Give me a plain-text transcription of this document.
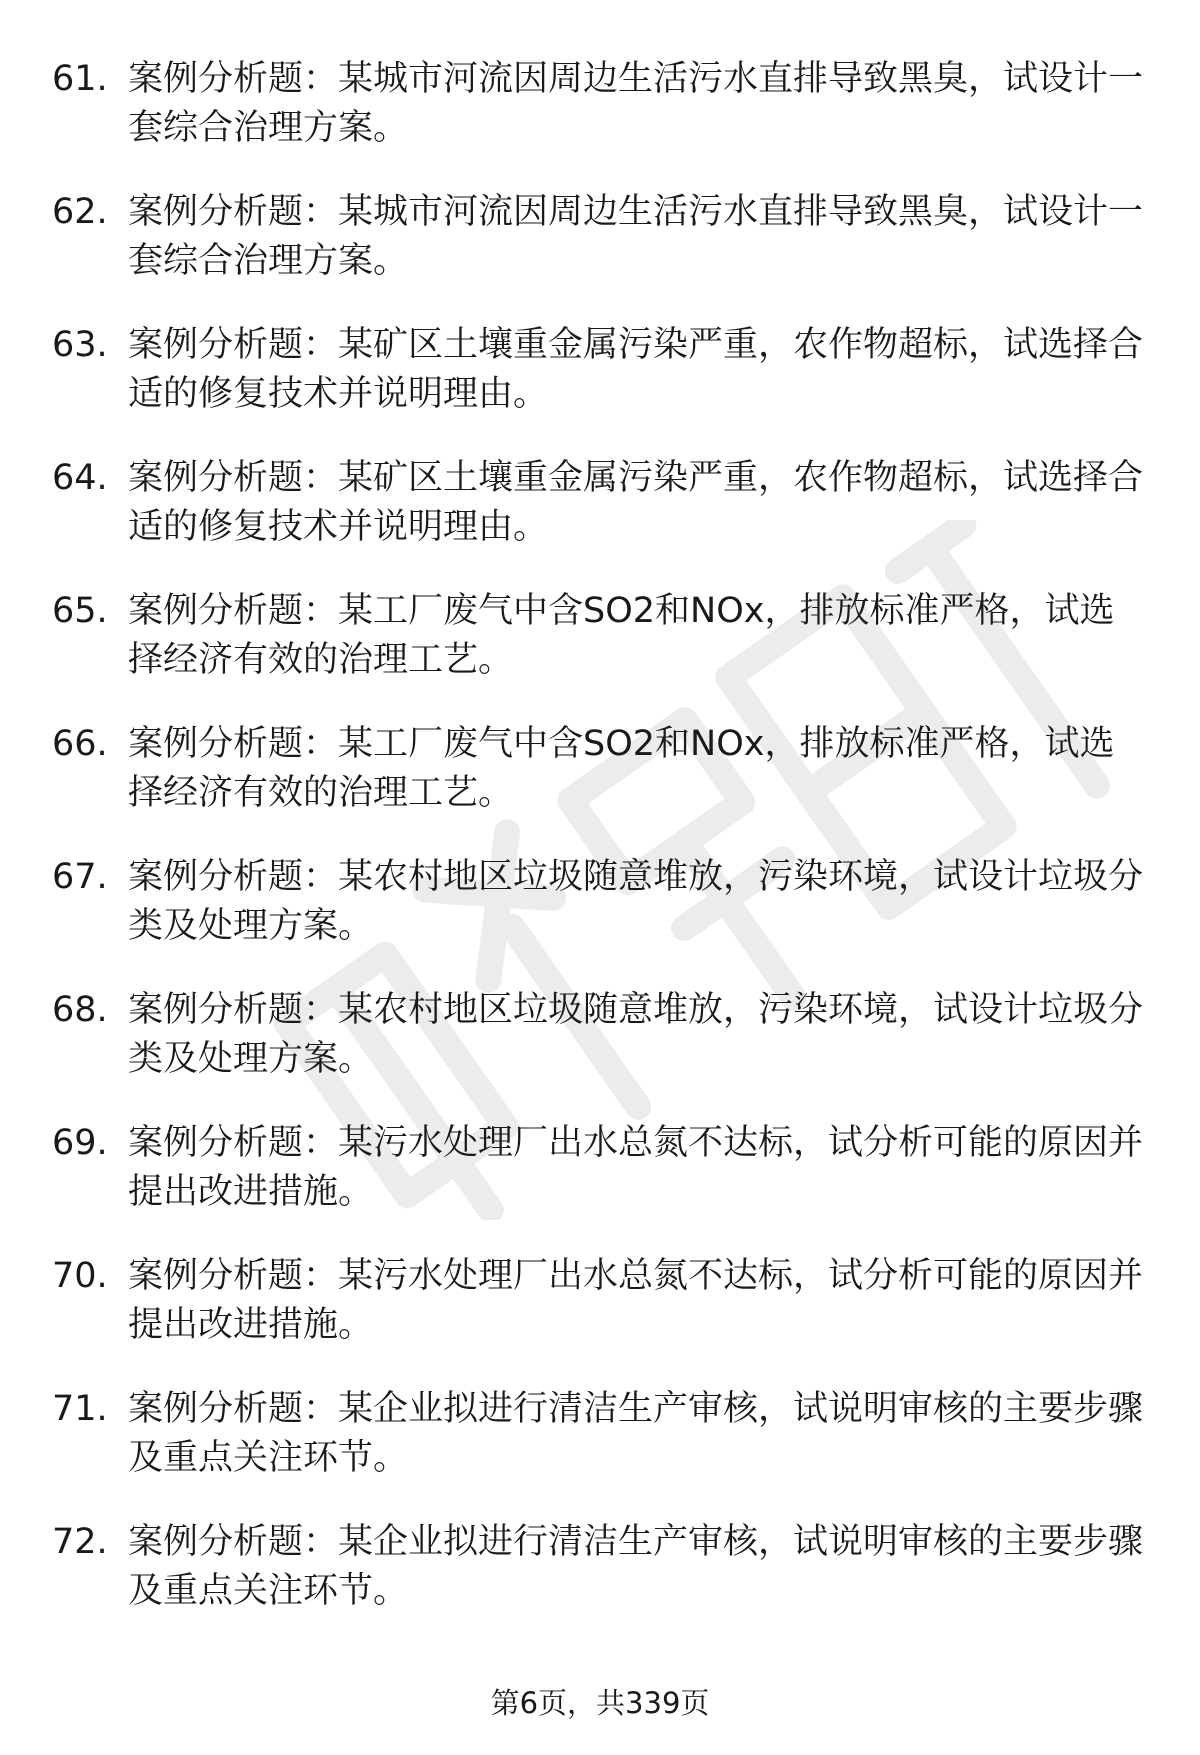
61. 案例分析题：某城市河流因周边生活污水直排导致黑臭，试设计一套综合治理方案。
62. 案例分析题：某城市河流因周边生活污水直排导致黑臭，试设计一套综合治理方案。
63. 案例分析题：某矿区土壤重金属污染严重，农作物超标，试选择合适的修复技术并说明理由。
64. 案例分析题：某矿区土壤重金属污染严重，农作物超标，试选择合适的修复技术并说明理由。
65. 案例分析题：某工厂废气中含SO2和NOx，排放标准严格，试选择经济有效的治理工艺。
66. 案例分析题：某工厂废气中含SO2和NOx，排放标准严格，试选择经济有效的治理工艺。
67. 案例分析题：某农村地区垃圾随意堆放，污染环境，试设计垃圾分类及处理方案。
68. 案例分析题：某农村地区垃圾随意堆放，污染环境，试设计垃圾分类及处理方案。
69. 案例分析题：某污水处理厂出水总氮不达标，试分析可能的原因并提出改进措施。
70. 案例分析题：某污水处理厂出水总氮不达标，试分析可能的原因并提出改进措施。
71. 案例分析题：某企业拟进行清洁生产审核，试说明审核的主要步骤及重点关注环节。
72. 案例分析题：某企业拟进行清洁生产审核，试说明审核的主要步骤及重点关注环节。
第6页，共339页
